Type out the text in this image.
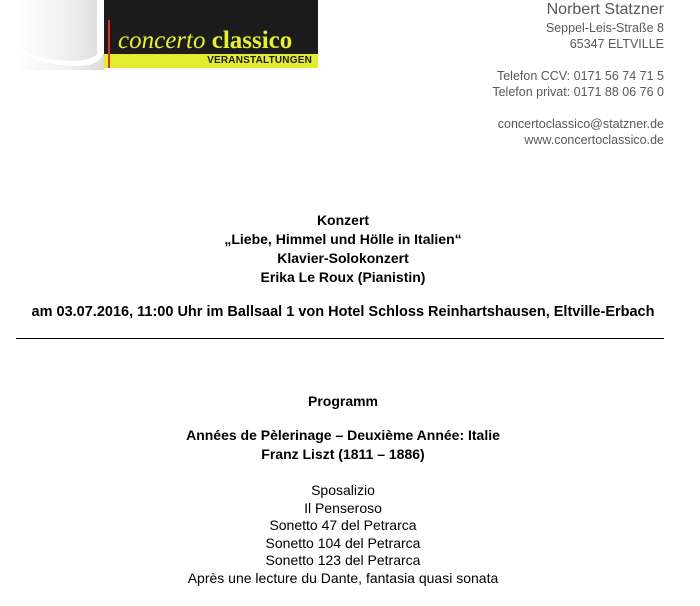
concerto classico
VERANSTALTUNGEN
Norbert Statzner
Seppel-Leis-Straße 8
65347 ELTVILLE
Telefon CCV: 0171 56 74 71 5
Telefon privat: 0171 88 06 76 0
concertoclassico@statzner.de
www.concertoclassico.de
Konzert
„Liebe, Himmel und Hölle in Italien“
Klavier-Solokonzert
Erika Le Roux (Pianistin)
am 03.07.2016, 11:00 Uhr im Ballsaal 1 von Hotel Schloss Reinhartshausen, Eltville-Erbach
Programm
Années de Pèlerinage – Deuxième Année: Italie
Franz Liszt (1811 – 1886)
Sposalizio
Il Penseroso
Sonetto 47 del Petrarca
Sonetto 104 del Petrarca
Sonetto 123 del Petrarca
Après une lecture du Dante, fantasia quasi sonata
